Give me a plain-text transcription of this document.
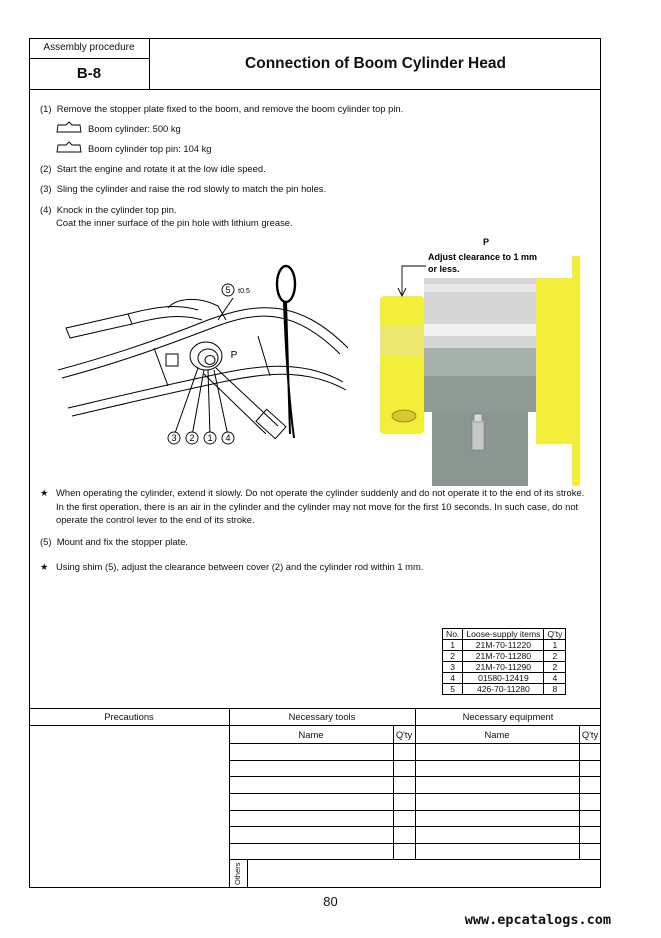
Assembly procedure
B-8
Connection of Boom Cylinder Head
(1) Remove the stopper plate fixed to the boom, and remove the boom cylinder top pin.
Boom cylinder: 500 kg
Boom cylinder top pin: 104 kg
(2) Start the engine and rotate it at the low idle speed.
(3) Sling the cylinder and raise the rod slowly to match the pin holes.
(4) Knock in the cylinder top pin.
Coat the inner surface of the pin hole with lithium grease.
3 2 1 4
5 t0.5
P
P
Adjust clearance to 1 mm
or less.
★ When operating the cylinder, extend it slowly. Do not operate the cylinder suddenly and do not operate it to the end of its stroke. In the first operation, there is an air in the cylinder and the cylinder may not move for the first 10 seconds. In such case, do not operate the control lever to the end of its stroke.
(5) Mount and fix the stopper plate.
★ Using shim (5), adjust the clearance between cover (2) and the cylinder rod within 1 mm.
No.	Loose-supply items	Q'ty
1	21M-70-11220	1
2	21M-70-11280	2
3	21M-70-11290	2
4	01580-12419	4
5	426-70-11280	8
Precautions	Necessary tools	Necessary equipment
Name	Q'ty	Name	Q'ty
Others
80
www.epcatalogs.com
